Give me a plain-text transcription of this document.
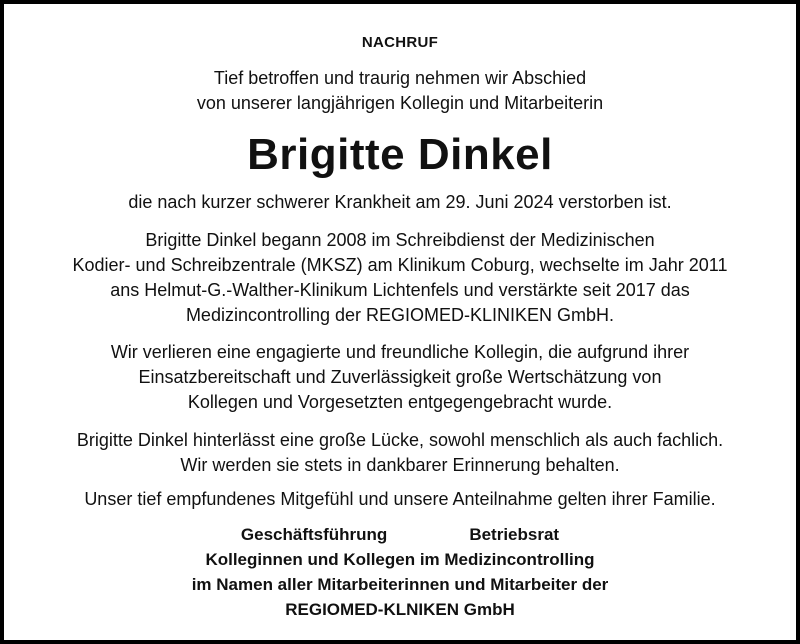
NACHRUF

Tief betroffen und traurig nehmen wir Abschied

von unserer langjährigen Kollegin und Mitarbeiterin

Brigitte Dinkel

die nach kurzer schwerer Krankheit am 29. Juni 2024 verstorben ist.

Brigitte Dinkel begann 2008 im Schreibdienst der Medizinischen

Kodier- und Schreibzentrale (MKSZ) am Klinikum Coburg, wechselte im Jahr 2011

ans Helmut-G.-Walther-Klinikum Lichtenfels und verstärkte seit 2017 das

Medizincontrolling der REGIOMED-KLINIKEN GmbH.

Wir verlieren eine engagierte und freundliche Kollegin, die aufgrund ihrer

Einsatzbereitschaft und Zuverlässigkeit große Wertschätzung von

Kollegen und Vorgesetzten entgegengebracht wurde.

Brigitte Dinkel hinterlässt eine große Lücke, sowohl menschlich als auch fachlich.

Wir werden sie stets in dankbarer Erinnerung behalten.

Unser tief empfundenes Mitgefühl und unsere Anteilnahme gelten ihrer Familie.

Geschäftsführung	Betriebsrat

Kolleginnen und Kollegen im Medizincontrolling

im Namen aller Mitarbeiterinnen und Mitarbeiter der

REGIOMED-KLNIKEN GmbH
